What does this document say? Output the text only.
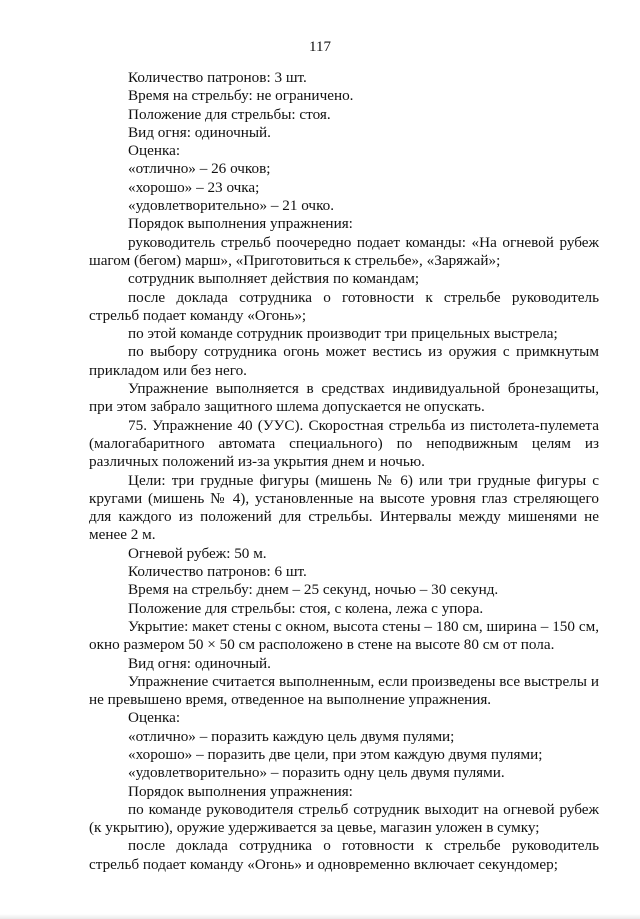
117

Количество патронов: 3 шт.

Время на стрельбу: не ограничено.

Положение для стрельбы: стоя.

Вид огня: одиночный.

Оценка:

«отлично» – 26 очков;

«хорошо» – 23 очка;

«удовлетворительно» – 21 очко.

Порядок выполнения упражнения:

руководитель стрельб поочередно подает команды: «На огневой рубеж шагом (бегом) марш», «Приготовиться к стрельбе», «Заряжай»;

сотрудник выполняет действия по командам;

после доклада сотрудника о готовности к стрельбе руководитель стрельб подает команду «Огонь»;

по этой команде сотрудник производит три прицельных выстрела;

по выбору сотрудника огонь может вестись из оружия с примкнутым прикладом или без него.

Упражнение выполняется в средствах индивидуальной бронезащиты, при этом забрало защитного шлема допускается не опускать.

75. Упражнение 40 (УУС). Скоростная стрельба из пистолета-пулемета (малогабаритного автомата специального) по неподвижным целям из различных положений из-за укрытия днем и ночью.

Цели: три грудные фигуры (мишень № 6) или три грудные фигуры с кругами (мишень № 4), установленные на высоте уровня глаз стреляющего для каждого из положений для стрельбы. Интервалы между мишенями не менее 2 м.

Огневой рубеж: 50 м.

Количество патронов: 6 шт.

Время на стрельбу: днем – 25 секунд, ночью – 30 секунд.

Положение для стрельбы: стоя, с колена, лежа с упора.

Укрытие: макет стены с окном, высота стены – 180 см, ширина – 150 см, окно размером 50 × 50 см расположено в стене на высоте 80 см от пола.

Вид огня: одиночный.

Упражнение считается выполненным, если произведены все выстрелы и не превышено время, отведенное на выполнение упражнения.

Оценка:

«отлично» – поразить каждую цель двумя пулями;

«хорошо» – поразить две цели, при этом каждую двумя пулями;

«удовлетворительно» – поразить одну цель двумя пулями.

Порядок выполнения упражнения:

по команде руководителя стрельб сотрудник выходит на огневой рубеж (к укрытию), оружие удерживается за цевье, магазин уложен в сумку;

после доклада сотрудника о готовности к стрельбе руководитель стрельб подает команду «Огонь» и одновременно включает секундомер;
